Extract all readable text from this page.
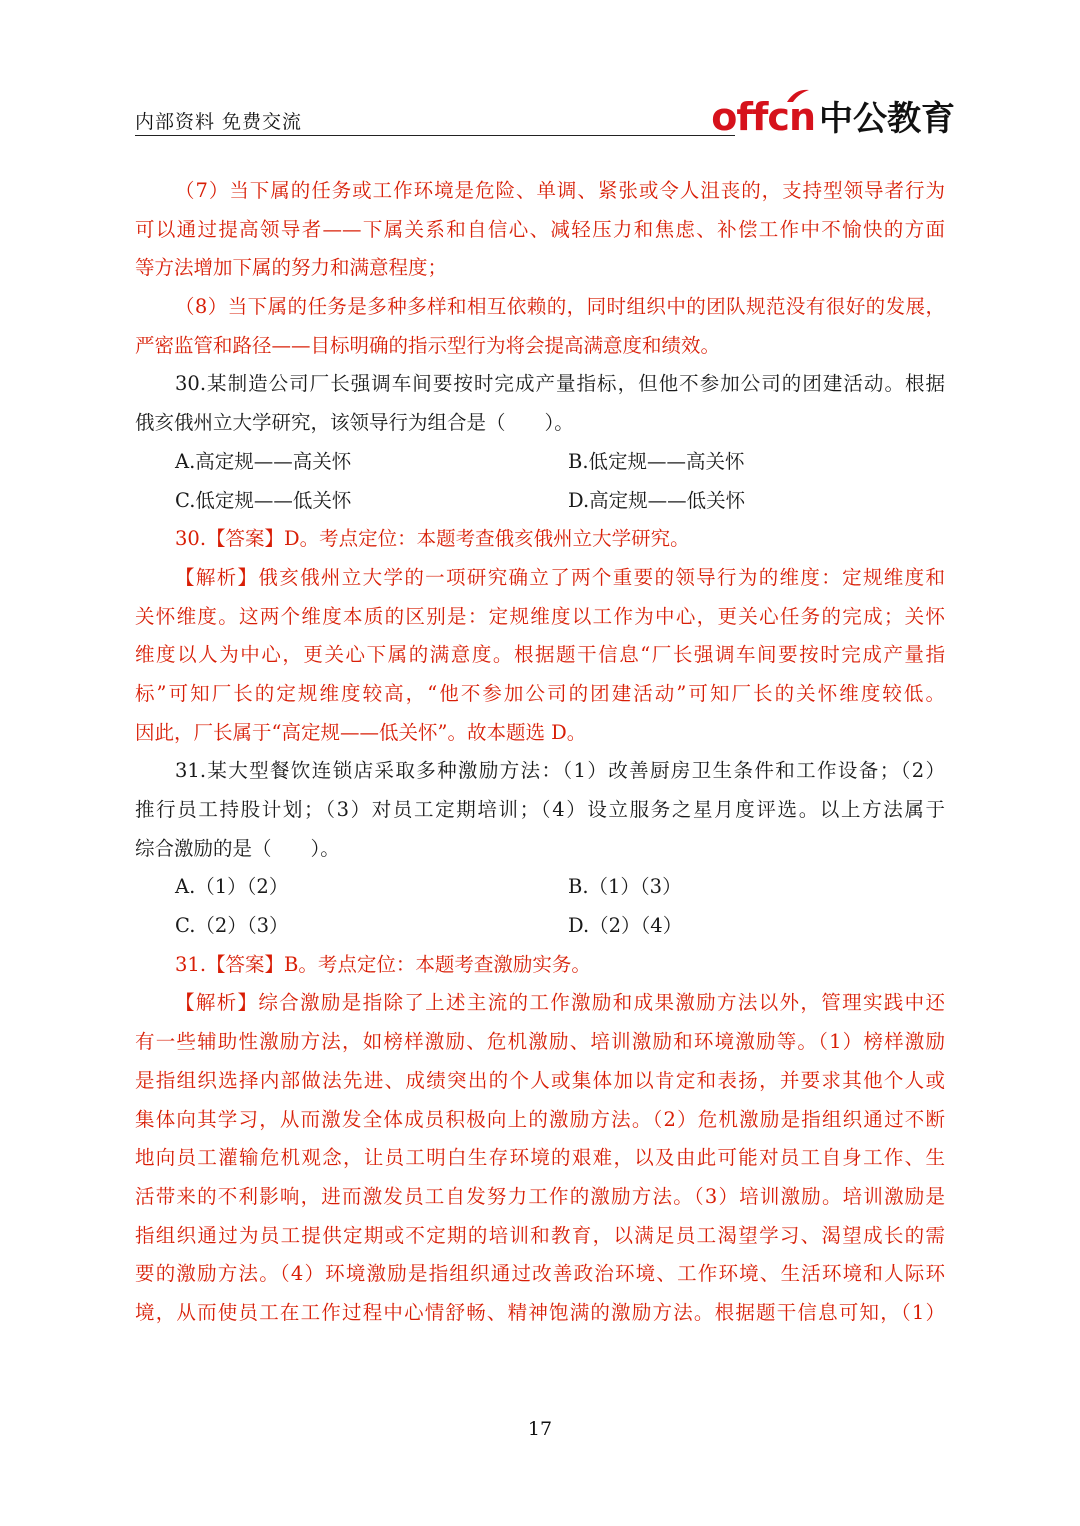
内部资料 免费交流	offcn 中公教育
（7）当下属的任务或工作环境是危险、单调、紧张或令人沮丧的，支持型领导者行为
可以通过提高领导者——下属关系和自信心、减轻压力和焦虑、补偿工作中不愉快的方面
等方法增加下属的努力和满意程度；
（8）当下属的任务是多种多样和相互依赖的，同时组织中的团队规范没有很好的发展，
严密监管和路径——目标明确的指示型行为将会提高满意度和绩效。
30.某制造公司厂长强调车间要按时完成产量指标，但他不参加公司的团建活动。根据
俄亥俄州立大学研究，该领导行为组合是（　　）。
A.高定规——高关怀	B.低定规——高关怀
C.低定规——低关怀	D.高定规——低关怀
30.【答案】D。考点定位：本题考查俄亥俄州立大学研究。
【解析】俄亥俄州立大学的一项研究确立了两个重要的领导行为的维度：定规维度和
关怀维度。这两个维度本质的区别是：定规维度以工作为中心，更关心任务的完成；关怀
维度以人为中心，更关心下属的满意度。根据题干信息“厂长强调车间要按时完成产量指
标”可知厂长的定规维度较高，“他不参加公司的团建活动”可知厂长的关怀维度较低。
因此，厂长属于“高定规——低关怀”。故本题选 D。
31.某大型餐饮连锁店采取多种激励方法：（1）改善厨房卫生条件和工作设备；（2）
推行员工持股计划；（3）对员工定期培训；（4）设立服务之星月度评选。以上方法属于
综合激励的是（　　）。
A.（1）（2）	B.（1）（3）
C.（2）（3）	D.（2）（4）
31.【答案】B。考点定位：本题考查激励实务。
【解析】综合激励是指除了上述主流的工作激励和成果激励方法以外，管理实践中还
有一些辅助性激励方法，如榜样激励、危机激励、培训激励和环境激励等。（1）榜样激励
是指组织选择内部做法先进、成绩突出的个人或集体加以肯定和表扬，并要求其他个人或
集体向其学习，从而激发全体成员积极向上的激励方法。（2）危机激励是指组织通过不断
地向员工灌输危机观念，让员工明白生存环境的艰难，以及由此可能对员工自身工作、生
活带来的不利影响，进而激发员工自发努力工作的激励方法。（3）培训激励。培训激励是
指组织通过为员工提供定期或不定期的培训和教育，以满足员工渴望学习、渴望成长的需
要的激励方法。（4）环境激励是指组织通过改善政治环境、工作环境、生活环境和人际环
境，从而使员工在工作过程中心情舒畅、精神饱满的激励方法。根据题干信息可知，（1）
17
